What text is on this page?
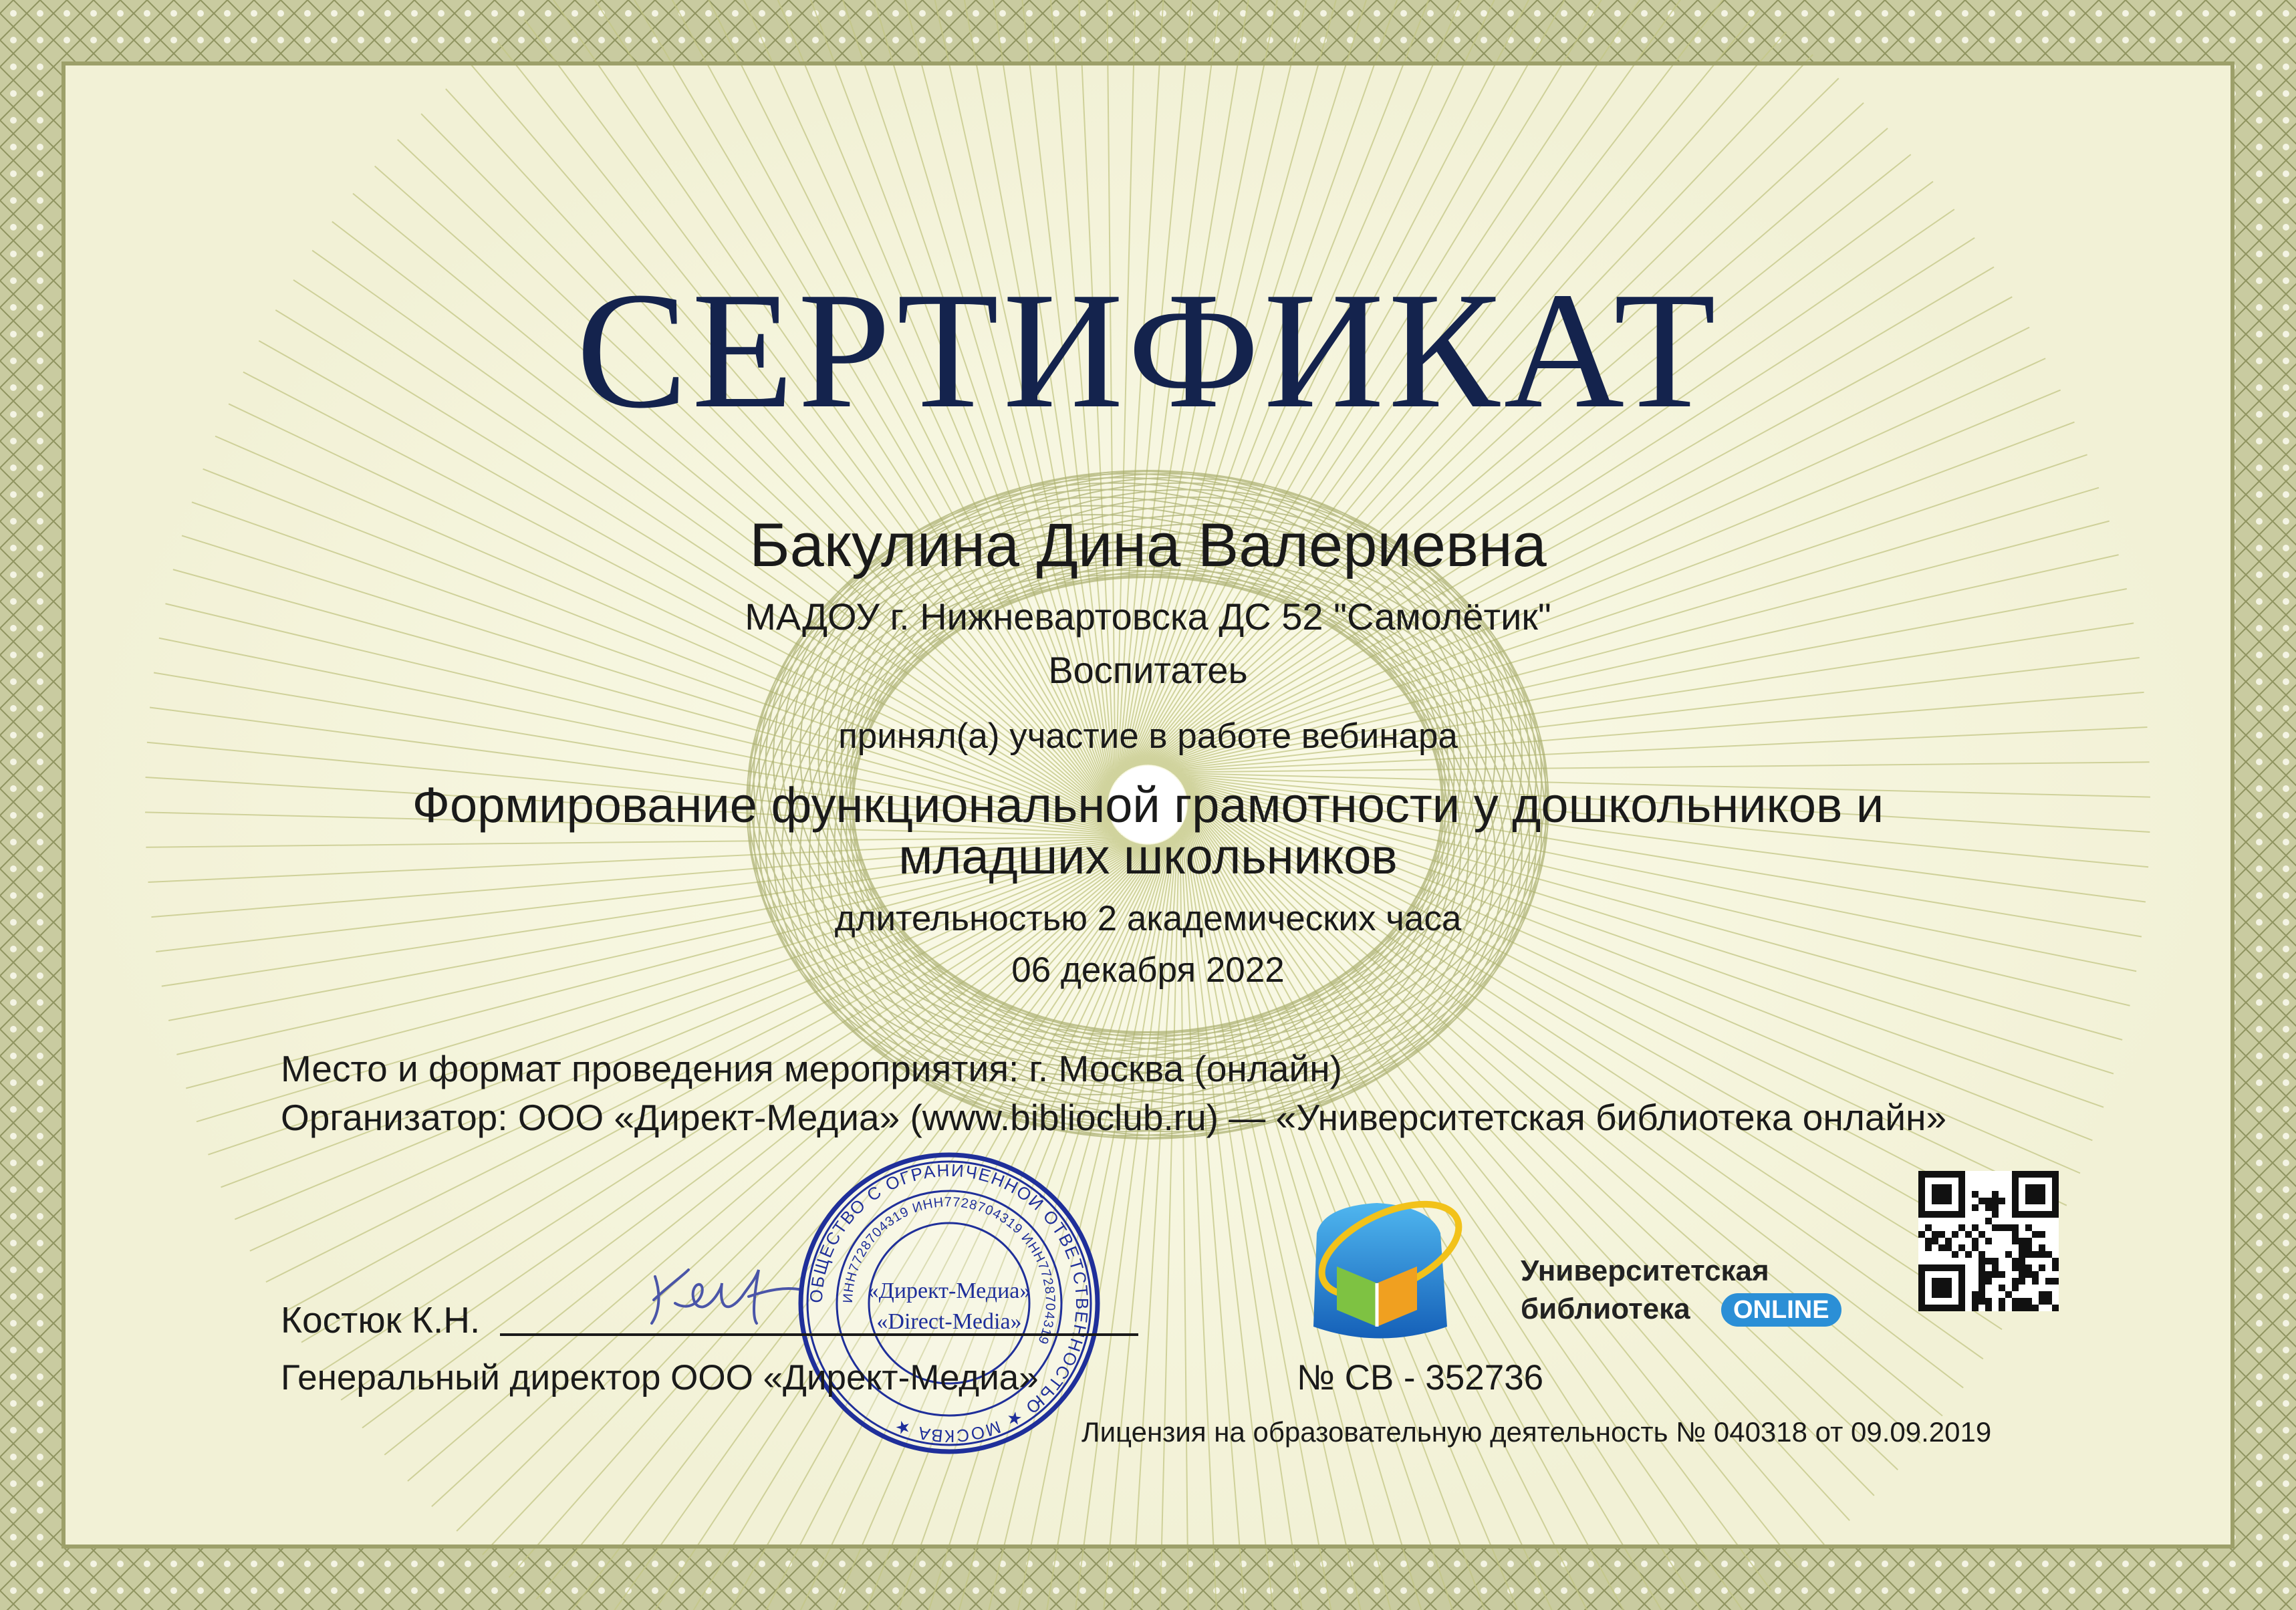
СЕРТИФИКАТ
Бакулина Дина Валериевна
МАДОУ г. Нижневартовска ДС 52 "Самолётик"
Воспитатеь
принял(а) участие в работе вебинара
Формирование функциональной грамотности у дошкольников и
младших школьников
длительностью 2 академических часа
06 декабря 2022
Место и формат проведения мероприятия: г. Москва (онлайн)
Организатор: ООО «Директ-Медиа» (www.biblioclub.ru) — «Университетская библиотека онлайн»
ОБЩЕСТВО С ОГРАНИЧЕННОЙ ОТВЕТСТВЕННОСТЬЮ ★ МОСКВА ★
ИНН7728704319 ИНН7728704319 ИНН7728704319
«Директ-Медиа»
«Direct-Media»
Костюк К.Н.
Генеральный директор ООО «Директ-Медиа»	№ СВ - 352736
Лицензия на образовательную деятельность № 040318 от 09.09.2019
Университетская
библиотека	ONLINE
